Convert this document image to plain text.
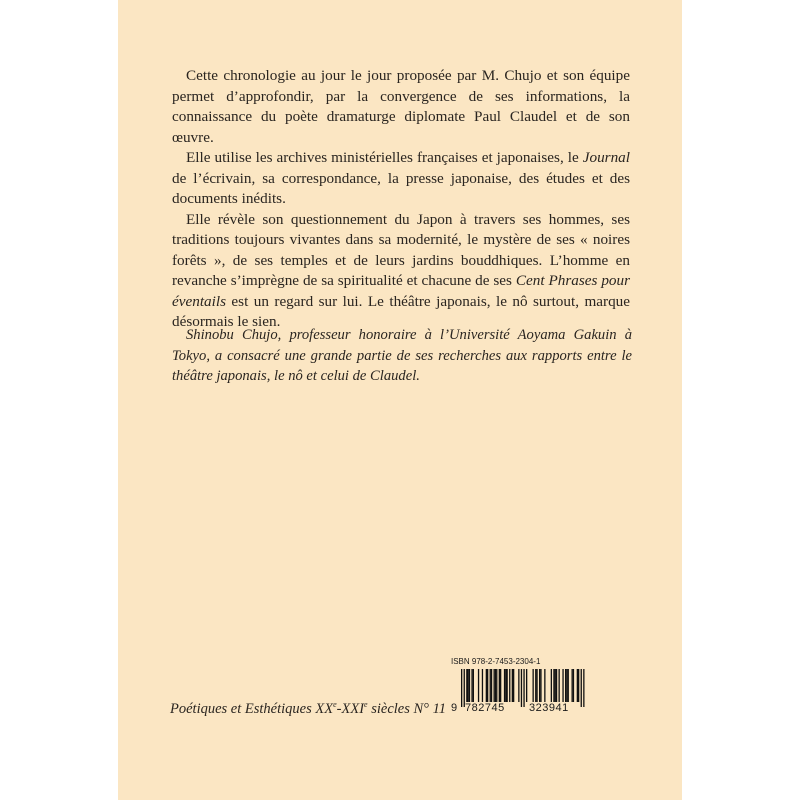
Cette chronologie au jour le jour proposée par M. Chujo et son équipe permet d’approfondir, par la convergence de ses informations, la connaissance du poète dramaturge diplomate Paul Claudel et de son œuvre.

Elle utilise les archives ministérielles françaises et japonaises, le Journal de l’écrivain, sa correspondance, la presse japonaise, des études et des documents inédits.

Elle révèle son questionnement du Japon à travers ses hommes, ses traditions toujours vivantes dans sa modernité, le mystère de ses « noires forêts », de ses temples et de leurs jardins bouddhiques. L’homme en revanche s’imprègne de sa spiritualité et chacune de ses Cent Phrases pour éventails est un regard sur lui. Le théâtre japonais, le nô surtout, marque désormais le sien.

Shinobu Chujo, professeur honoraire à l’Université Aoyama Gakuin à Tokyo, a consacré une grande partie de ses recherches aux rapports entre le théâtre japonais, le nô et celui de Claudel.

Poétiques et Esthétiques XXe-XXIe siècles N° 11
ISBN 978-2-7453-2304-1
9 782745 323941
